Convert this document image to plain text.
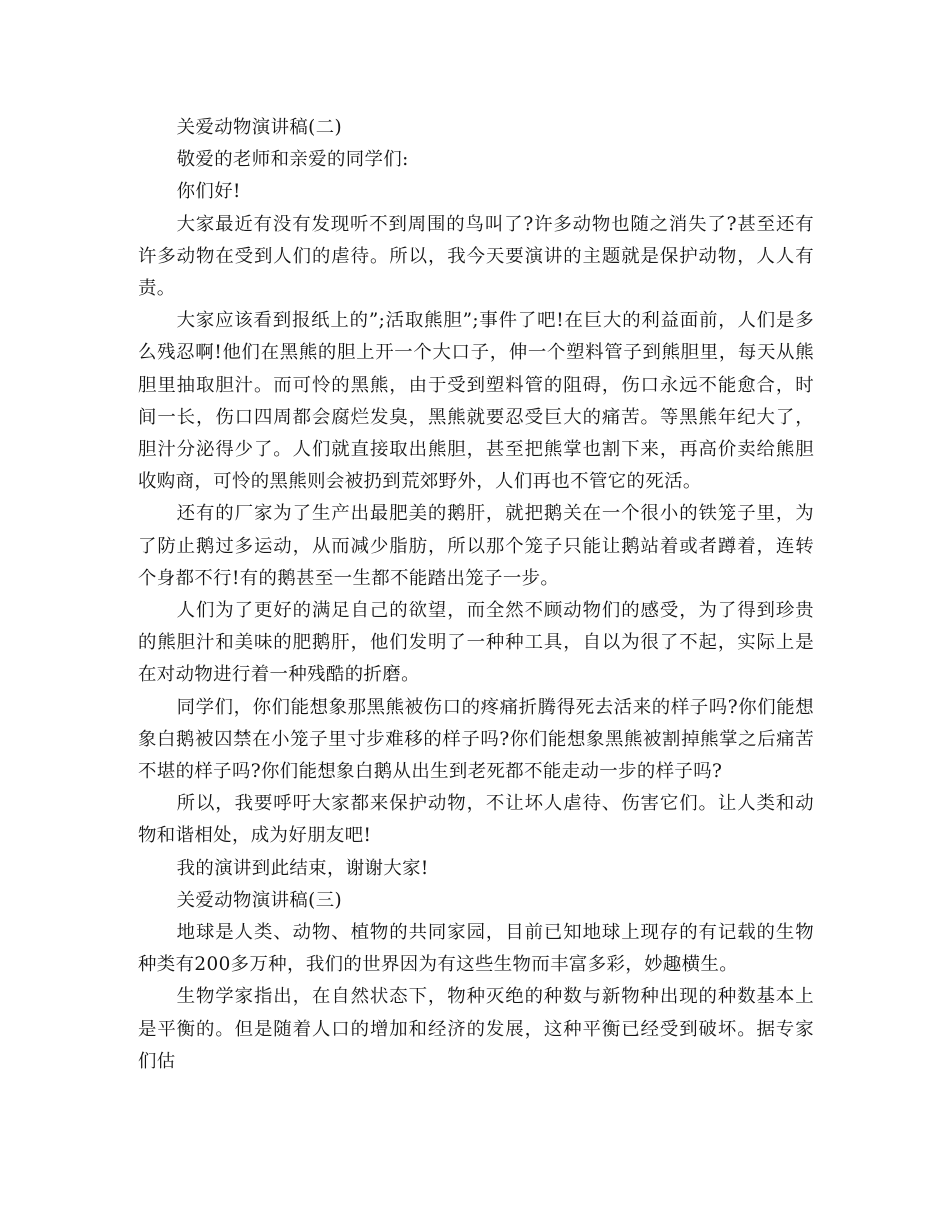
关爱动物演讲稿(二)

敬爱的老师和亲爱的同学们:

你们好!

大家最近有没有发现听不到周围的鸟叫了?许多动物也随之消失了?甚至还有许多动物在受到人们的虐待。所以，我今天要演讲的主题就是保护动物，人人有责。

大家应该看到报纸上的”;活取熊胆”;事件了吧!在巨大的利益面前，人们是多么残忍啊!他们在黑熊的胆上开一个大口子，伸一个塑料管子到熊胆里，每天从熊胆里抽取胆汁。而可怜的黑熊，由于受到塑料管的阻碍，伤口永远不能愈合，时间一长，伤口四周都会腐烂发臭，黑熊就要忍受巨大的痛苦。等黑熊年纪大了，胆汁分泌得少了。人们就直接取出熊胆，甚至把熊掌也割下来，再高价卖给熊胆收购商，可怜的黑熊则会被扔到荒郊野外，人们再也不管它的死活。

还有的厂家为了生产出最肥美的鹅肝，就把鹅关在一个很小的铁笼子里，为了防止鹅过多运动，从而减少脂肪，所以那个笼子只能让鹅站着或者蹲着，连转个身都不行!有的鹅甚至一生都不能踏出笼子一步。

人们为了更好的满足自己的欲望，而全然不顾动物们的感受，为了得到珍贵的熊胆汁和美味的肥鹅肝，他们发明了一种种工具，自以为很了不起，实际上是在对动物进行着一种残酷的折磨。

同学们，你们能想象那黑熊被伤口的疼痛折腾得死去活来的样子吗?你们能想象白鹅被囚禁在小笼子里寸步难移的样子吗?你们能想象黑熊被割掉熊掌之后痛苦不堪的样子吗?你们能想象白鹅从出生到老死都不能走动一步的样子吗?

所以，我要呼吁大家都来保护动物，不让坏人虐待、伤害它们。让人类和动物和谐相处，成为好朋友吧!

我的演讲到此结束，谢谢大家!

关爱动物演讲稿(三)

地球是人类、动物、植物的共同家园，目前已知地球上现存的有记载的生物种类有200多万种，我们的世界因为有这些生物而丰富多彩，妙趣横生。

生物学家指出，在自然状态下，物种灭绝的种数与新物种出现的种数基本上是平衡的。但是随着人口的增加和经济的发展，这种平衡已经受到破坏。据专家们估
